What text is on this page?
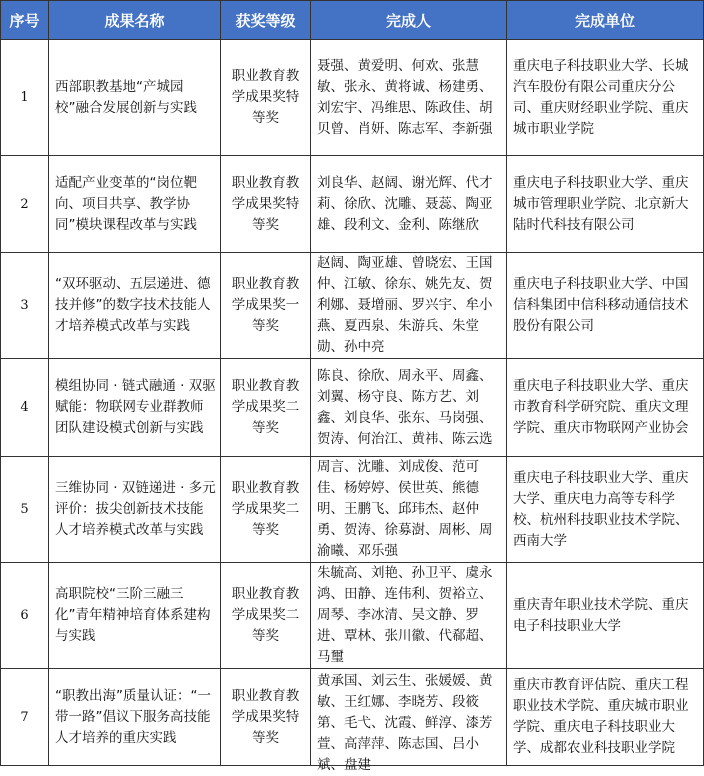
序号	成果名称	获奖等级	完成人	完成单位
1	西部职教基地“产城园校”融合发展创新与实践	职业教育教学成果奖特等奖	聂强、黄爱明、何欢、张慧敏、张永、黄将诚、杨建勇、刘宏宇、冯维思、陈政佳、胡贝曾、肖妍、陈志军、李新强	重庆电子科技职业大学、长城汽车股份有限公司重庆分公司、重庆财经职业学院、重庆城市职业学院

2	适配产业变革的“岗位靶向、项目共享、教学协同”模块课程改革与实践	职业教育教学成果奖特等奖	刘良华、赵阔、谢光辉、代才莉、徐欣、沈雕、聂蕊、陶亚雄、段利文、金利、陈继欣	重庆电子科技职业大学、重庆城市管理职业学院、北京新大陆时代科技有限公司

3	“双环驱动、五层递进、德技并修”的数字技术技能人才培养模式改革与实践	职业教育教学成果奖一等奖	赵阔、陶亚雄、曾晓宏、王国仲、江敏、徐东、姚先友、贺利娜、聂增丽、罗兴宇、牟小燕、夏西泉、朱游兵、朱堂勋、孙中亮	重庆电子科技职业大学、中国信科集团中信科移动通信技术股份有限公司

4	模组协同 · 链式融通 · 双驱赋能：物联网专业群教师团队建设模式创新与实践	职业教育教学成果奖二等奖	陈良、徐欣、周永平、周鑫、刘翼、杨守良、陈方艺、刘鑫、刘良华、张东、马岗强、贺涛、何治江、黄祎、陈云选	重庆电子科技职业大学、重庆市教育科学研究院、重庆文理学院、重庆市物联网产业协会

5	三维协同 · 双链递进 · 多元评价：拔尖创新技术技能人才培养模式改革与实践	职业教育教学成果奖二等奖	周言、沈雕、刘成俊、范可佳、杨婷婷、侯世英、熊德明、王鹏飞、邱玮杰、赵仲勇、贺涛、徐募澍、周彬、周渝曦、邓乐强	重庆电子科技职业大学、重庆大学、重庆电力高等专科学校、杭州科技职业技术学院、西南大学

6	高职院校“三阶三融三化”青年精神培育体系建构与实践	职业教育教学成果奖二等奖	朱毓高、刘艳、孙卫平、虞永鸿、田静、连伟利、贺裕立、周琴、李冰清、吴文静、罗进、覃林、张川徽、代郗超、马璽	重庆青年职业技术学院、重庆电子科技职业大学

7	“职教出海”质量认证：“一带一路”倡议下服务高技能人才培养的重庆实践	职业教育教学成果奖特等奖	黄承国、刘云生、张媛媛、黄敏、王红娜、李晓芳、段筱第、毛弋、沈霞、鲜淳、漆芳萱、高萍萍、陈志国、吕小斌、盘建	重庆市教育评估院、重庆工程职业技术学院、重庆城市职业学院、重庆电子科技职业大学、成都农业科技职业学院
